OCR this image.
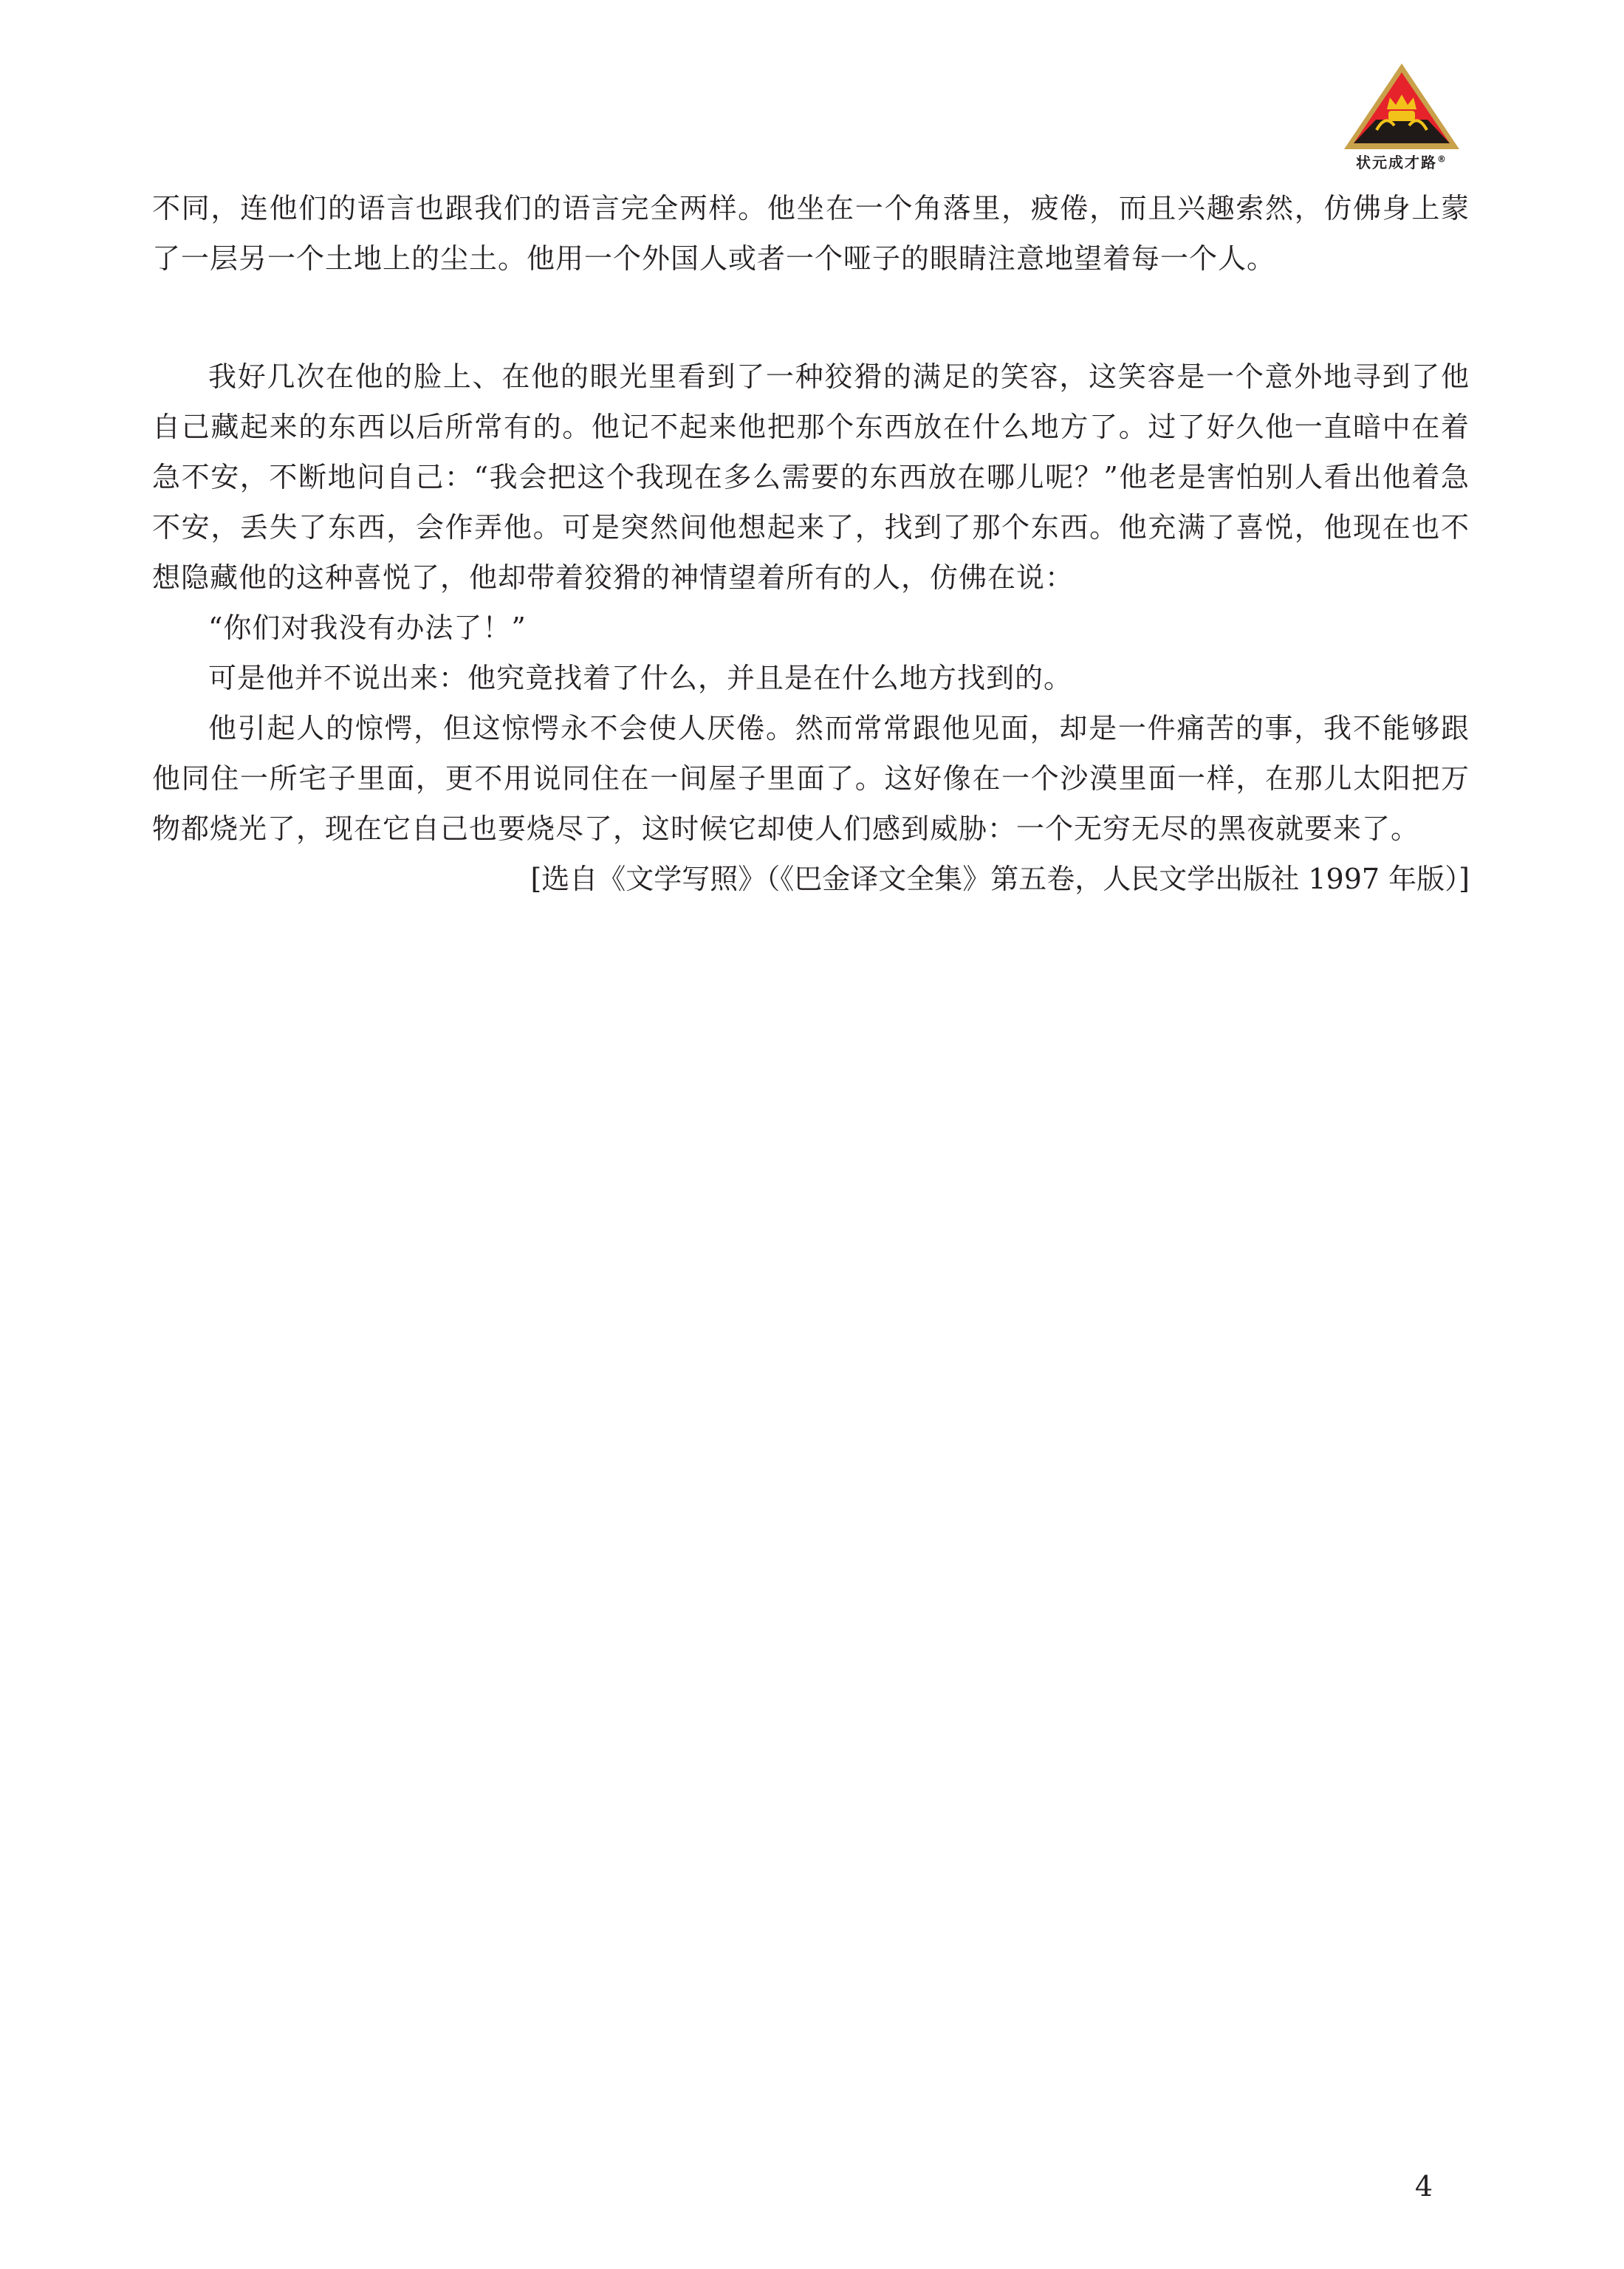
状元成才路®

不同，连他们的语言也跟我们的语言完全两样。他坐在一个角落里，疲倦，而且兴趣索然，仿佛身上蒙了一层另一个土地上的尘土。他用一个外国人或者一个哑子的眼睛注意地望着每一个人。

我好几次在他的脸上、在他的眼光里看到了一种狡猾的满足的笑容，这笑容是一个意外地寻到了他自己藏起来的东西以后所常有的。他记不起来他把那个东西放在什么地方了。过了好久他一直暗中在着急不安，不断地问自己：“我会把这个我现在多么需要的东西放在哪儿呢？”他老是害怕别人看出他着急不安，丢失了东西，会作弄他。可是突然间他想起来了，找到了那个东西。他充满了喜悦，他现在也不想隐藏他的这种喜悦了，他却带着狡猾的神情望着所有的人，仿佛在说：

“你们对我没有办法了！”

可是他并不说出来：他究竟找着了什么，并且是在什么地方找到的。

他引起人的惊愕，但这惊愕永不会使人厌倦。然而常常跟他见面，却是一件痛苦的事，我不能够跟他同住一所宅子里面，更不用说同住在一间屋子里面了。这好像在一个沙漠里面一样，在那儿太阳把万物都烧光了，现在它自己也要烧尽了，这时候它却使人们感到威胁：一个无穷无尽的黑夜就要来了。

[选自《文学写照》（《巴金译文全集》第五卷，人民文学出版社 1997 年版）]

4
